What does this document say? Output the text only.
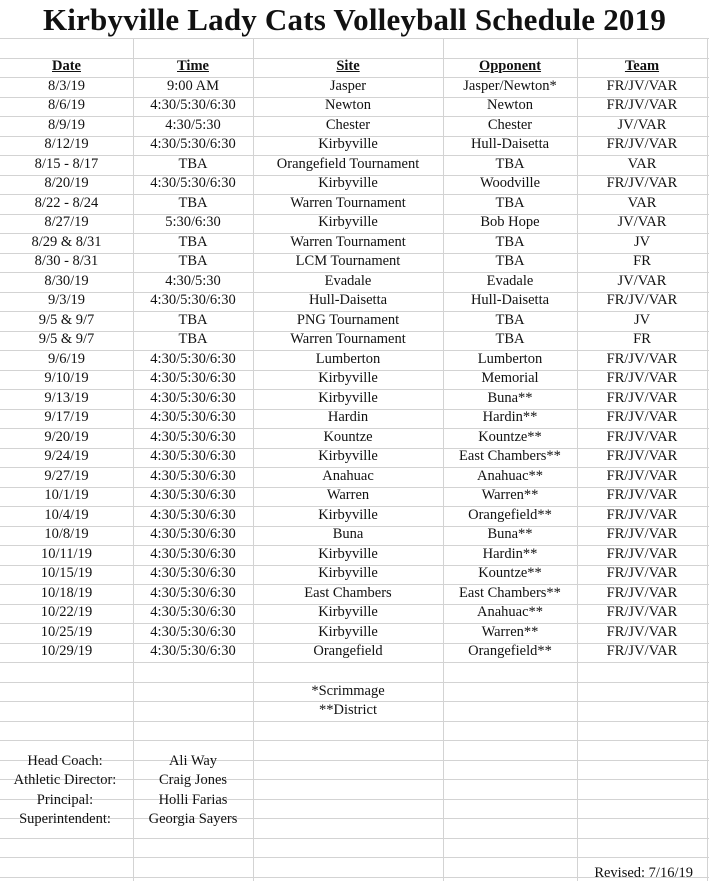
Kirbyville Lady Cats Volleyball Schedule 2019
Date	Time	Site	Opponent	Team
8/3/19	9:00 AM	Jasper	Jasper/Newton*	FR/JV/VAR
8/6/19	4:30/5:30/6:30	Newton	Newton	FR/JV/VAR
8/9/19	4:30/5:30	Chester	Chester	JV/VAR
8/12/19	4:30/5:30/6:30	Kirbyville	Hull-Daisetta	FR/JV/VAR
8/15 - 8/17	TBA	Orangefield Tournament	TBA	VAR
8/20/19	4:30/5:30/6:30	Kirbyville	Woodville	FR/JV/VAR
8/22 - 8/24	TBA	Warren Tournament	TBA	VAR
8/27/19	5:30/6:30	Kirbyville	Bob Hope	JV/VAR
8/29 & 8/31	TBA	Warren Tournament	TBA	JV
8/30 - 8/31	TBA	LCM Tournament	TBA	FR
8/30/19	4:30/5:30	Evadale	Evadale	JV/VAR
9/3/19	4:30/5:30/6:30	Hull-Daisetta	Hull-Daisetta	FR/JV/VAR
9/5 & 9/7	TBA	PNG Tournament	TBA	JV
9/5 & 9/7	TBA	Warren Tournament	TBA	FR
9/6/19	4:30/5:30/6:30	Lumberton	Lumberton	FR/JV/VAR
9/10/19	4:30/5:30/6:30	Kirbyville	Memorial	FR/JV/VAR
9/13/19	4:30/5:30/6:30	Kirbyville	Buna**	FR/JV/VAR
9/17/19	4:30/5:30/6:30	Hardin	Hardin**	FR/JV/VAR
9/20/19	4:30/5:30/6:30	Kountze	Kountze**	FR/JV/VAR
9/24/19	4:30/5:30/6:30	Kirbyville	East Chambers**	FR/JV/VAR
9/27/19	4:30/5:30/6:30	Anahuac	Anahuac**	FR/JV/VAR
10/1/19	4:30/5:30/6:30	Warren	Warren**	FR/JV/VAR
10/4/19	4:30/5:30/6:30	Kirbyville	Orangefield**	FR/JV/VAR
10/8/19	4:30/5:30/6:30	Buna	Buna**	FR/JV/VAR
10/11/19	4:30/5:30/6:30	Kirbyville	Hardin**	FR/JV/VAR
10/15/19	4:30/5:30/6:30	Kirbyville	Kountze**	FR/JV/VAR
10/18/19	4:30/5:30/6:30	East Chambers	East Chambers**	FR/JV/VAR
10/22/19	4:30/5:30/6:30	Kirbyville	Anahuac**	FR/JV/VAR
10/25/19	4:30/5:30/6:30	Kirbyville	Warren**	FR/JV/VAR
10/29/19	4:30/5:30/6:30	Orangefield	Orangefield**	FR/JV/VAR
*Scrimmage
**District
Head Coach:	Ali Way
Athletic Director:	Craig Jones
Principal:	Holli Farias
Superintendent:	Georgia Sayers
Revised: 7/16/19
